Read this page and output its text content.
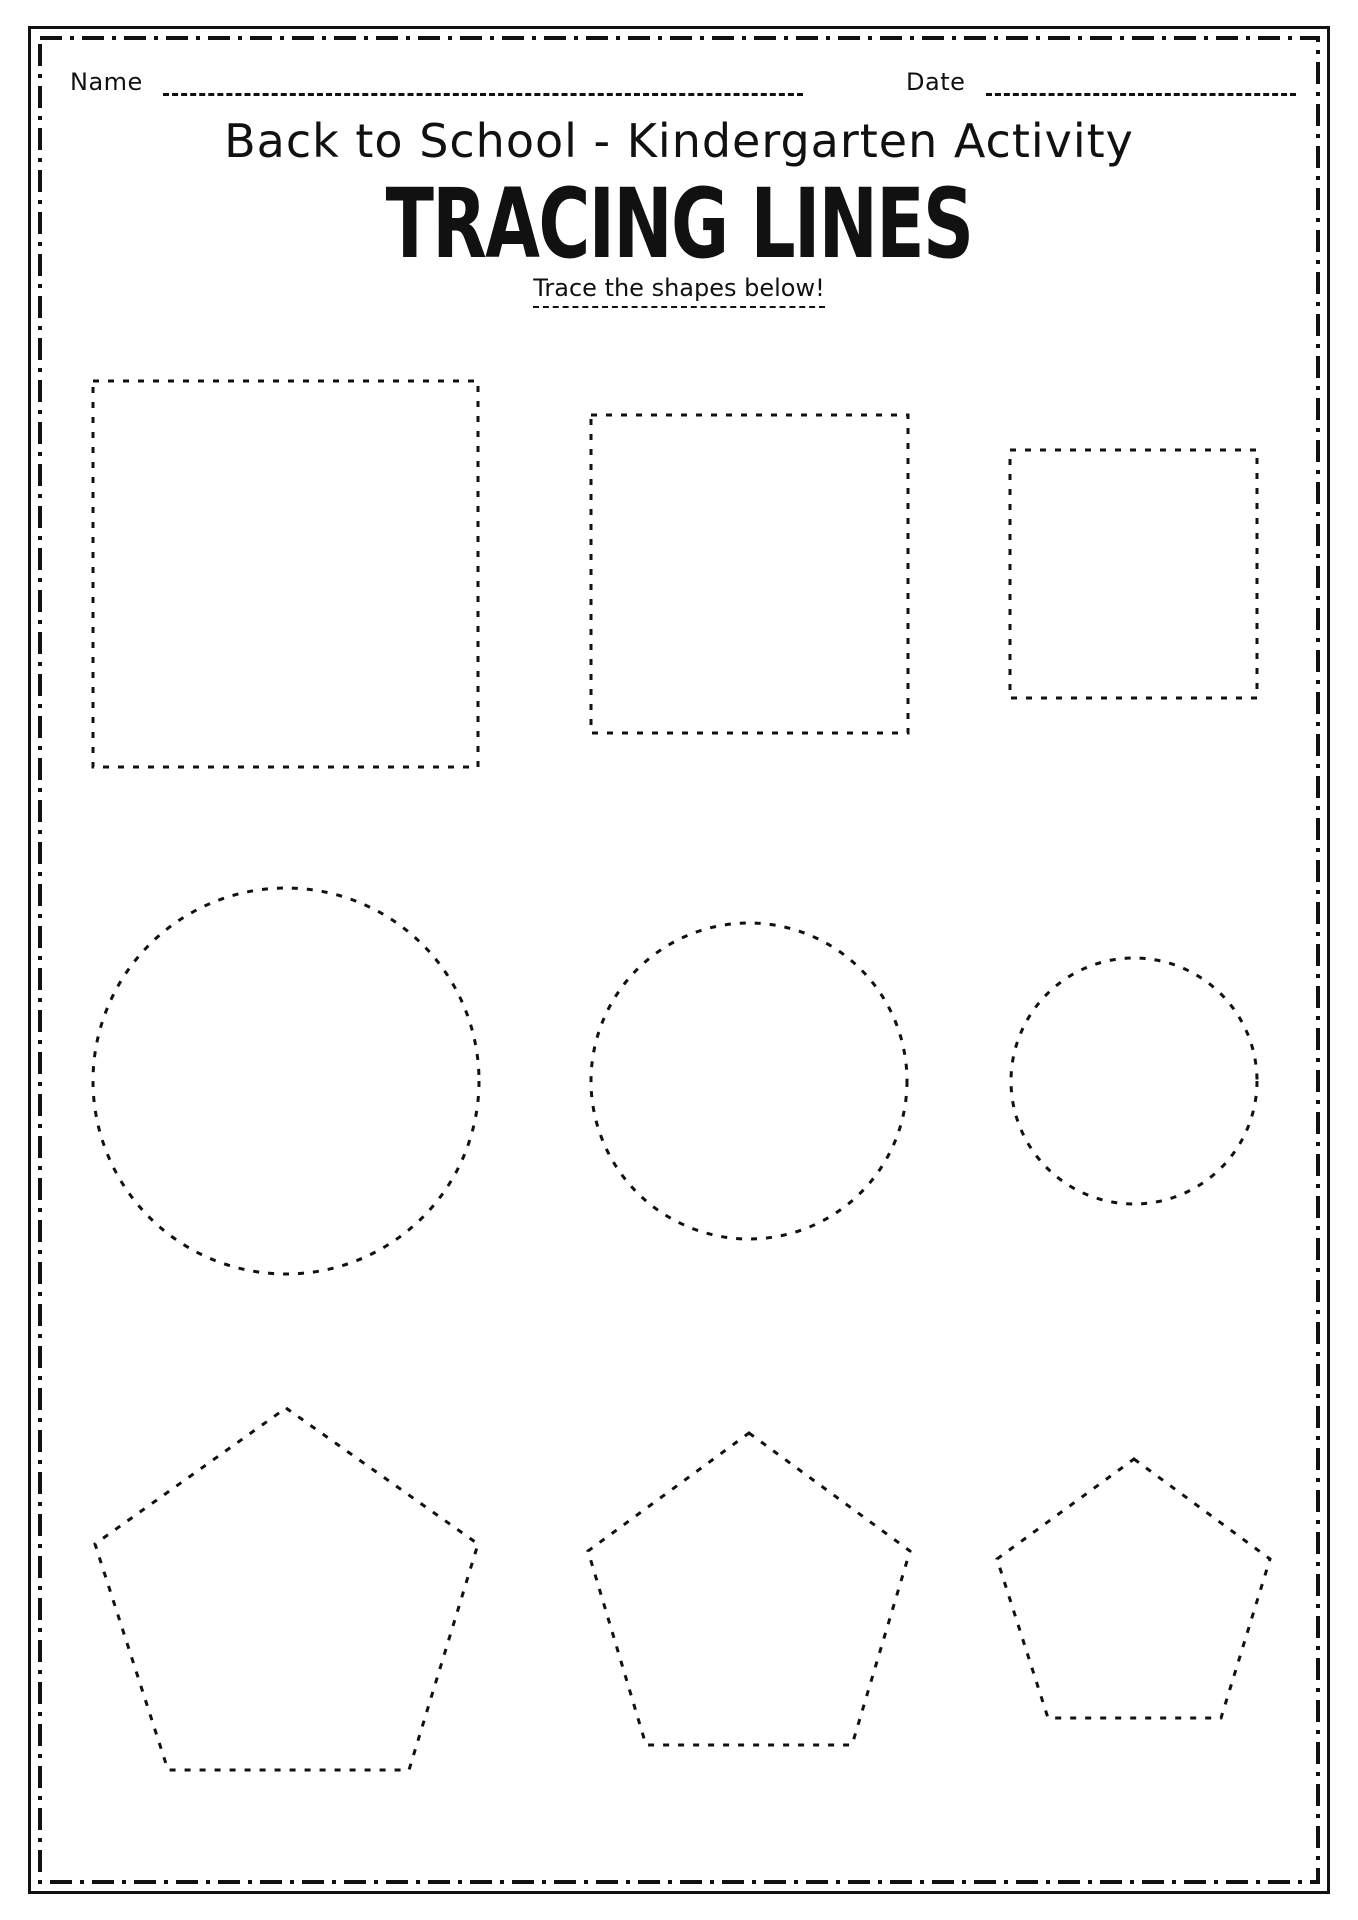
Name	Date
Back to School - Kindergarten Activity
TRACING LINES
Trace the shapes below!
